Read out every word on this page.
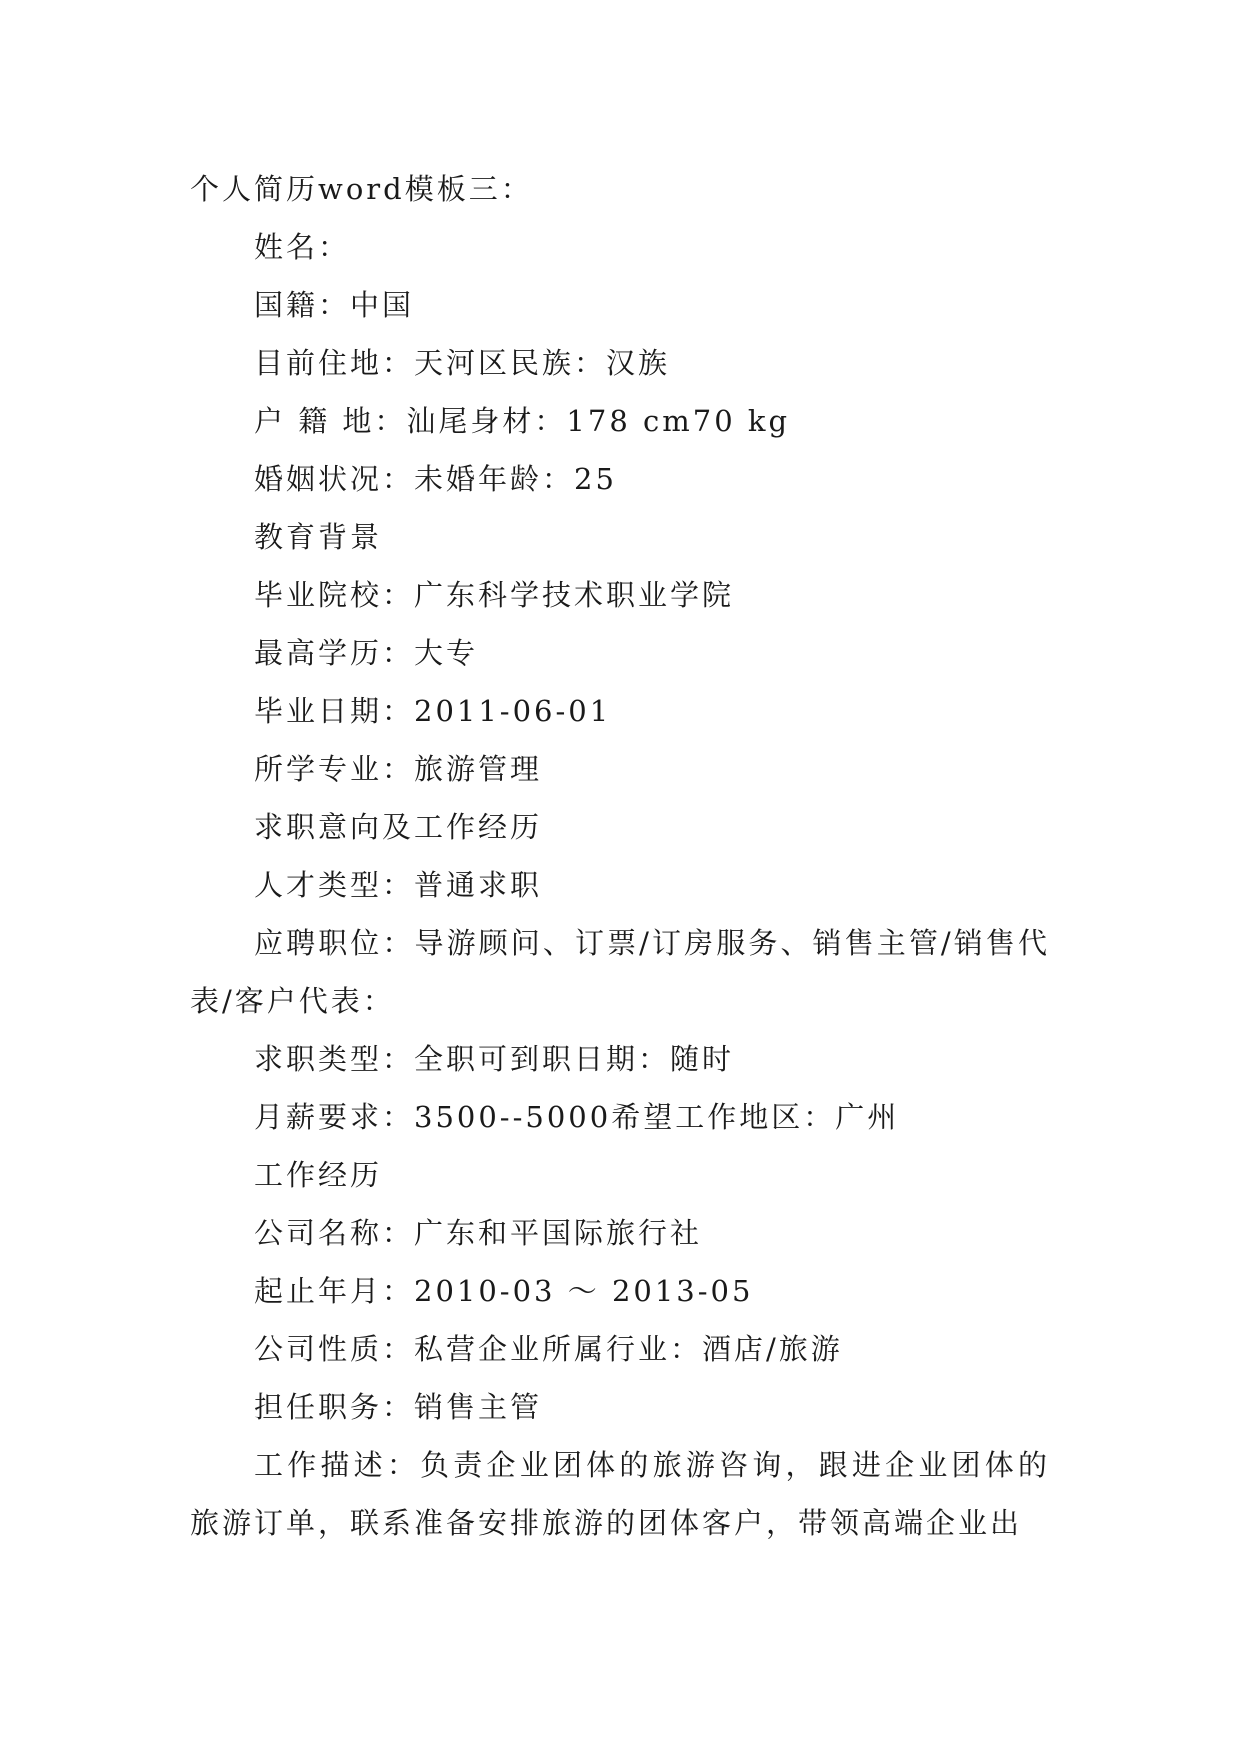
个人简历word模板三：
姓名：
国籍：中国
目前住地：天河区民族：汉族
户 籍 地：汕尾身材：178 cm70 kg
婚姻状况：未婚年龄：25
教育背景
毕业院校：广东科学技术职业学院
最高学历：大专
毕业日期：2011-06-01
所学专业：旅游管理
求职意向及工作经历
人才类型：普通求职
应聘职位：导游顾问、订票/订房服务、销售主管/销售代表/客户代表：
求职类型：全职可到职日期：随时
月薪要求：3500--5000希望工作地区：广州
工作经历
公司名称：广东和平国际旅行社
起止年月：2010-03 ～ 2013-05
公司性质：私营企业所属行业：酒店/旅游
担任职务：销售主管
工作描述：负责企业团体的旅游咨询，跟进企业团体的旅游订单，联系准备安排旅游的团体客户，带领高端企业出
